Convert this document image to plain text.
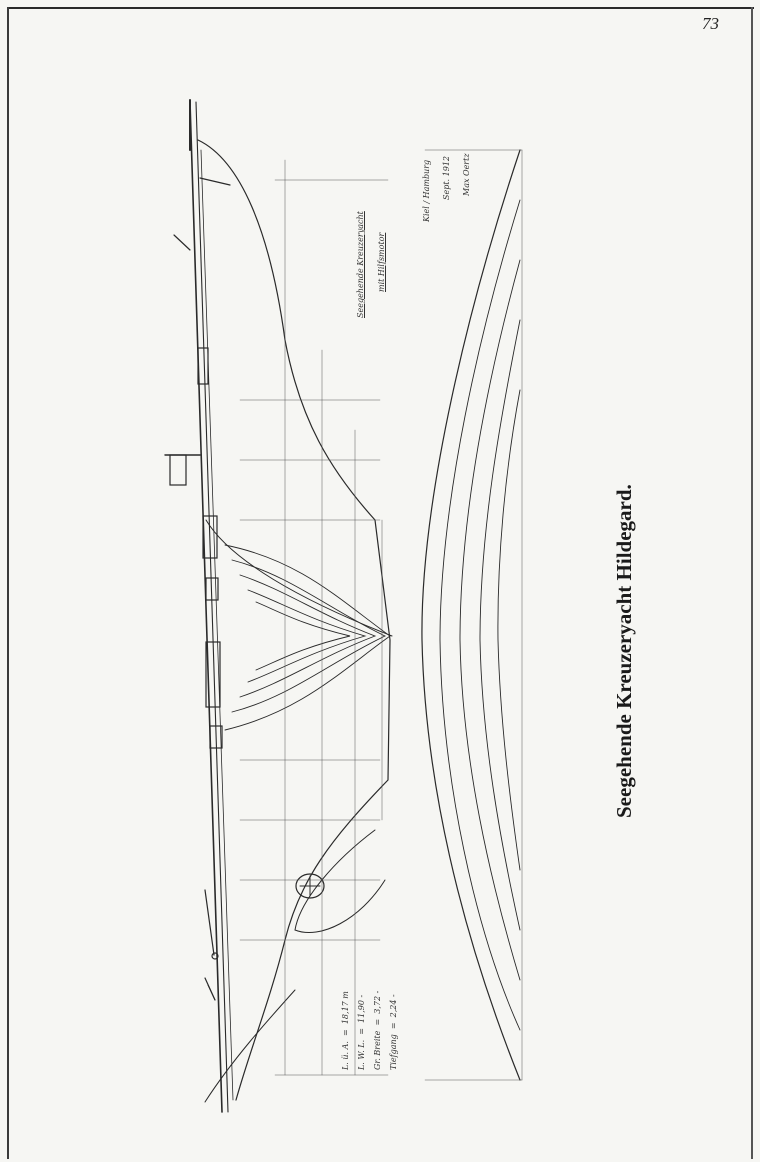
73
Seegehende Kreuzeryacht mit Hilfsmotor
Kiel / Hamburg Sept. 1912 Max Oertz
L. ü. A.  =  18,17 m
L. W. L.  =  11,90 -
Gr. Breite  =  3,72 -
Tiefgang  =  2,24 -
Seegehende Kreuzeryacht Hildegard.
